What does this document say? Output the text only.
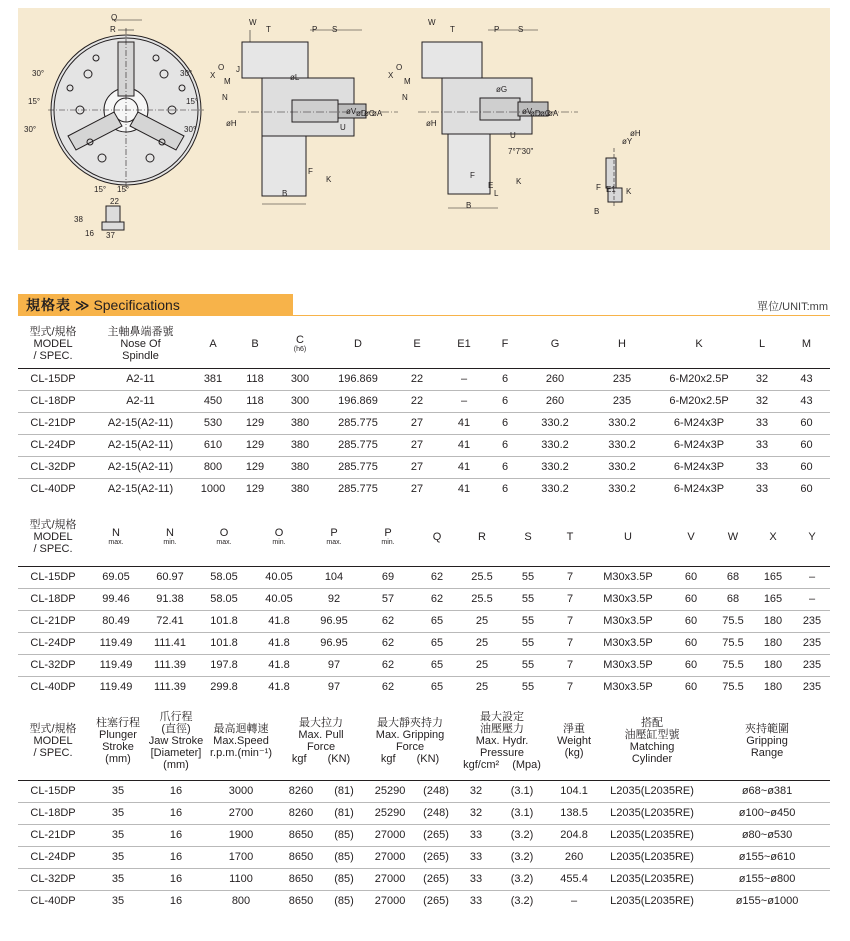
Q
R
30°	30°
15°	15°
30°	30°
15° 15°
22
38
16 37
W
T	P S
X
O
N
M
J
øH
øL
øV øD
øC
øA
U
F
K
B
W
T	P S
X
O
N
M
øG
øH
øV
øD øC
øA
7°7'30"
U
F
E
L
K
B
E1
øY
øH
F	K
B
規格表 ≫ Specifications	單位/UNIT:mm
型式/規格
MODEL
/ SPEC.	主軸鼻端番號
Nose Of
Spindle	A	B	C
(h6)	D	E	E1	F	G	H	K	L	M

CL-15DP	A2-11	381	118	300	196.869	22	–	6	260	235	6-M20x2.5P	32	43
CL-18DP	A2-11	450	118	300	196.869	22	–	6	260	235	6-M20x2.5P	32	43
CL-21DP	A2-15(A2-11)	530	129	380	285.775	27	41	6	330.2	330.2	6-M24x3P	33	60
CL-24DP	A2-15(A2-11)	610	129	380	285.775	27	41	6	330.2	330.2	6-M24x3P	33	60
CL-32DP	A2-15(A2-11)	800	129	380	285.775	27	41	6	330.2	330.2	6-M24x3P	33	60
CL-40DP	A2-15(A2-11)	1000	129	380	285.775	27	41	6	330.2	330.2	6-M24x3P	33	60
型式/規格
MODEL
/ SPEC.	N
max.	N
min.	O
max.	O
min.	P
max.	P
min.	Q	R	S	T	U	V	W	X	Y

CL-15DP	69.05	60.97	58.05	40.05	104	69	62	25.5	55	7	M30x3.5P	60	68	165	–
CL-18DP	99.46	91.38	58.05	40.05	92	57	62	25.5	55	7	M30x3.5P	60	68	165	–
CL-21DP	80.49	72.41	101.8	41.8	96.95	62	65	25	55	7	M30x3.5P	60	75.5	180	235
CL-24DP	119.49	111.41	101.8	41.8	96.95	62	65	25	55	7	M30x3.5P	60	75.5	180	235
CL-32DP	119.49	111.39	197.8	41.8	97	62	65	25	55	7	M30x3.5P	60	75.5	180	235
CL-40DP	119.49	111.39	299.8	41.8	97	62	65	25	55	7	M30x3.5P	60	75.5	180	235
型式/規格
MODEL
/ SPEC.	柱塞行程
Plunger
Stroke
(mm)	爪行程
(直徑)
Jaw Stroke
[Diameter]
(mm)	最高迴轉速
Max.Speed
r.p.m.(min⁻¹)	最大拉力
Max. Pull
Force
kgf (KN)		最大靜夾持力
Max. Gripping
Force
kgf (KN)		最大設定
油壓壓力
Max. Hydr.
Pressure
kgf/cm² (Mpa)		淨重
Weight
(kg)	搭配
油壓缸型號
Matching
Cylinder	夾持範圍
Gripping
Range

CL-15DP	35	16	3000	8260	(81)	25290	(248)	32	(3.1)	104.1	L2035(L2035RE)	ø68~ø381
CL-18DP	35	16	2700	8260	(81)	25290	(248)	32	(3.1)	138.5	L2035(L2035RE)	ø100~ø450
CL-21DP	35	16	1900	8650	(85)	27000	(265)	33	(3.2)	204.8	L2035(L2035RE)	ø80~ø530
CL-24DP	35	16	1700	8650	(85)	27000	(265)	33	(3.2)	260	L2035(L2035RE)	ø155~ø610
CL-32DP	35	16	1100	8650	(85)	27000	(265)	33	(3.2)	455.4	L2035(L2035RE)	ø155~ø800
CL-40DP	35	16	800	8650	(85)	27000	(265)	33	(3.2)	–	L2035(L2035RE)	ø155~ø1000
